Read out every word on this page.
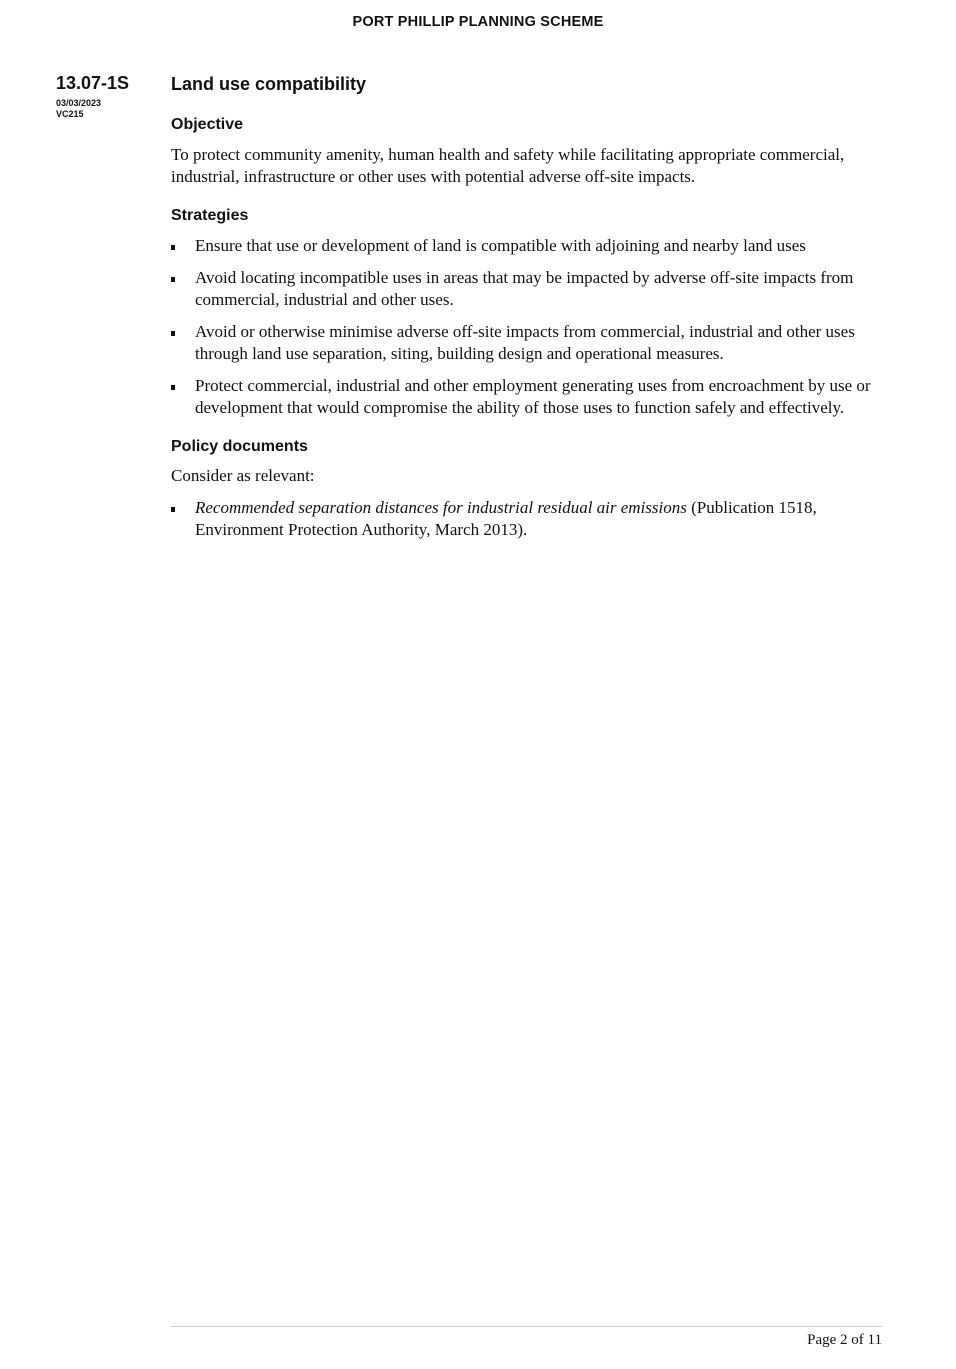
PORT PHILLIP PLANNING SCHEME
13.07-1S
03/03/2023
VC215
Land use compatibility
Objective

To protect community amenity, human health and safety while facilitating appropriate commercial, industrial, infrastructure or other uses with potential adverse off-site impacts.

Strategies
Ensure that use or development of land is compatible with adjoining and nearby land uses
Avoid locating incompatible uses in areas that may be impacted by adverse off-site impacts from commercial, industrial and other uses.
Avoid or otherwise minimise adverse off-site impacts from commercial, industrial and other uses through land use separation, siting, building design and operational measures.
Protect commercial, industrial and other employment generating uses from encroachment by use or development that would compromise the ability of those uses to function safely and effectively.
Policy documents

Consider as relevant:

Recommended separation distances for industrial residual air emissions (Publication 1518, Environment Protection Authority, March 2013).
Page 2 of 11
